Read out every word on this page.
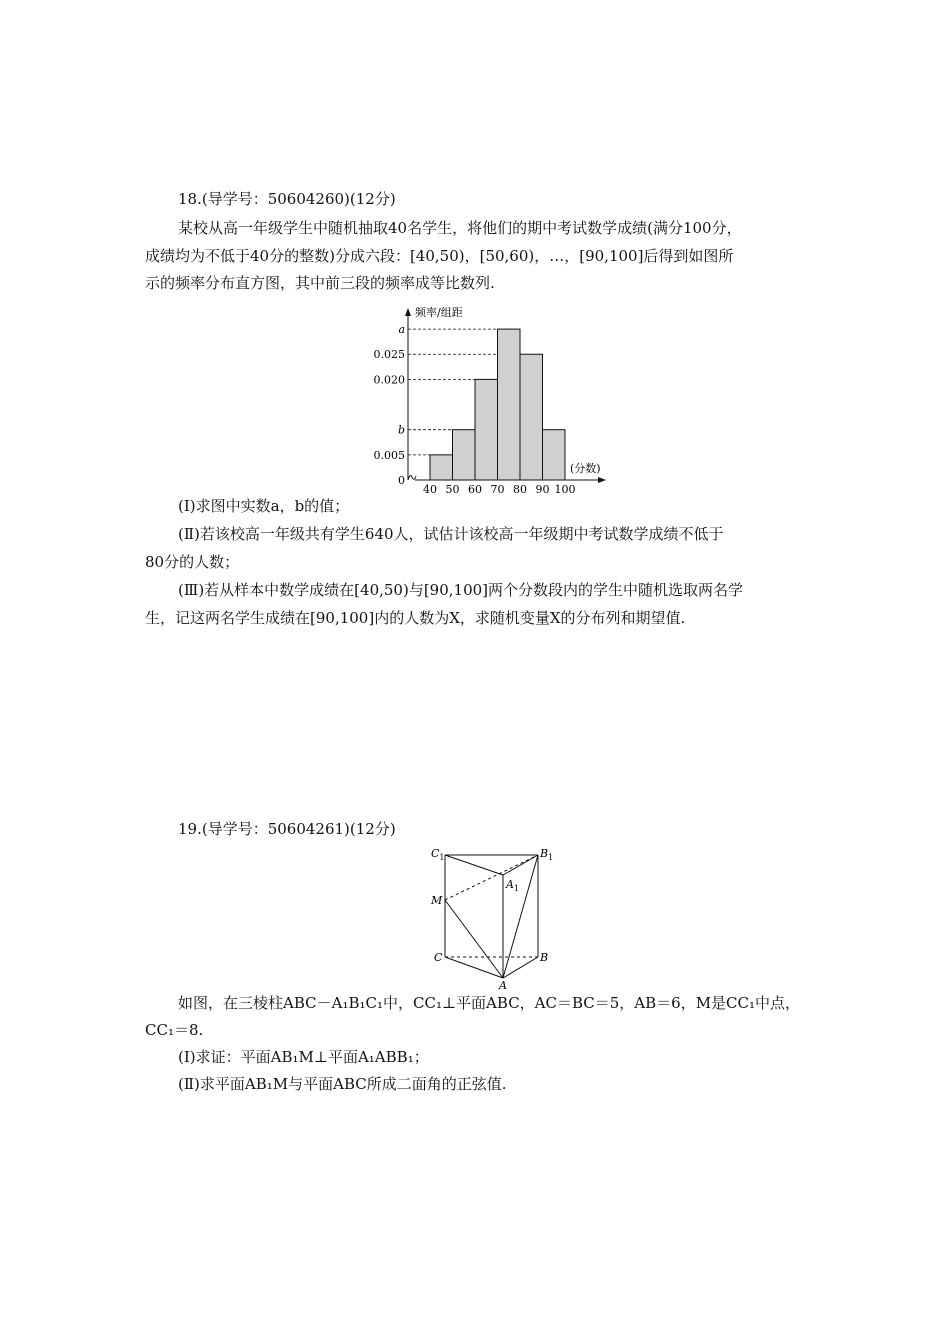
18.(导学号：50604260)(12分)
某校从高一年级学生中随机抽取40名学生，将他们的期中考试数学成绩(满分100分，
成绩均为不低于40分的整数)分成六段：[40,50)，[50,60)，…，[90,100]后得到如图所
示的频率分布直方图，其中前三段的频率成等比数列.
频率/组距
(分数)
40 50 60 70 80 90 100
0.005
b
0.020
a
0.025
0
(Ⅰ)求图中实数a，b的值；
(Ⅱ)若该校高一年级共有学生640人，试估计该校高一年级期中考试数学成绩不低于
80分的人数；
(Ⅲ)若从样本中数学成绩在[40,50)与[90,100]两个分数段内的学生中随机选取两名学
生，记这两名学生成绩在[90,100]内的人数为X，求随机变量X的分布列和期望值.
19.(导学号：50604261)(12分)
$C_1$	$B_1$
$A_1$
M
C	B
A
如图，在三棱柱ABC－A₁B₁C₁中，CC₁⊥平面ABC，AC＝BC＝5，AB＝6，M是CC₁中点，
CC₁＝8.
(Ⅰ)求证：平面AB₁M⊥平面A₁ABB₁；
(Ⅱ)求平面AB₁M与平面ABC所成二面角的正弦值.
